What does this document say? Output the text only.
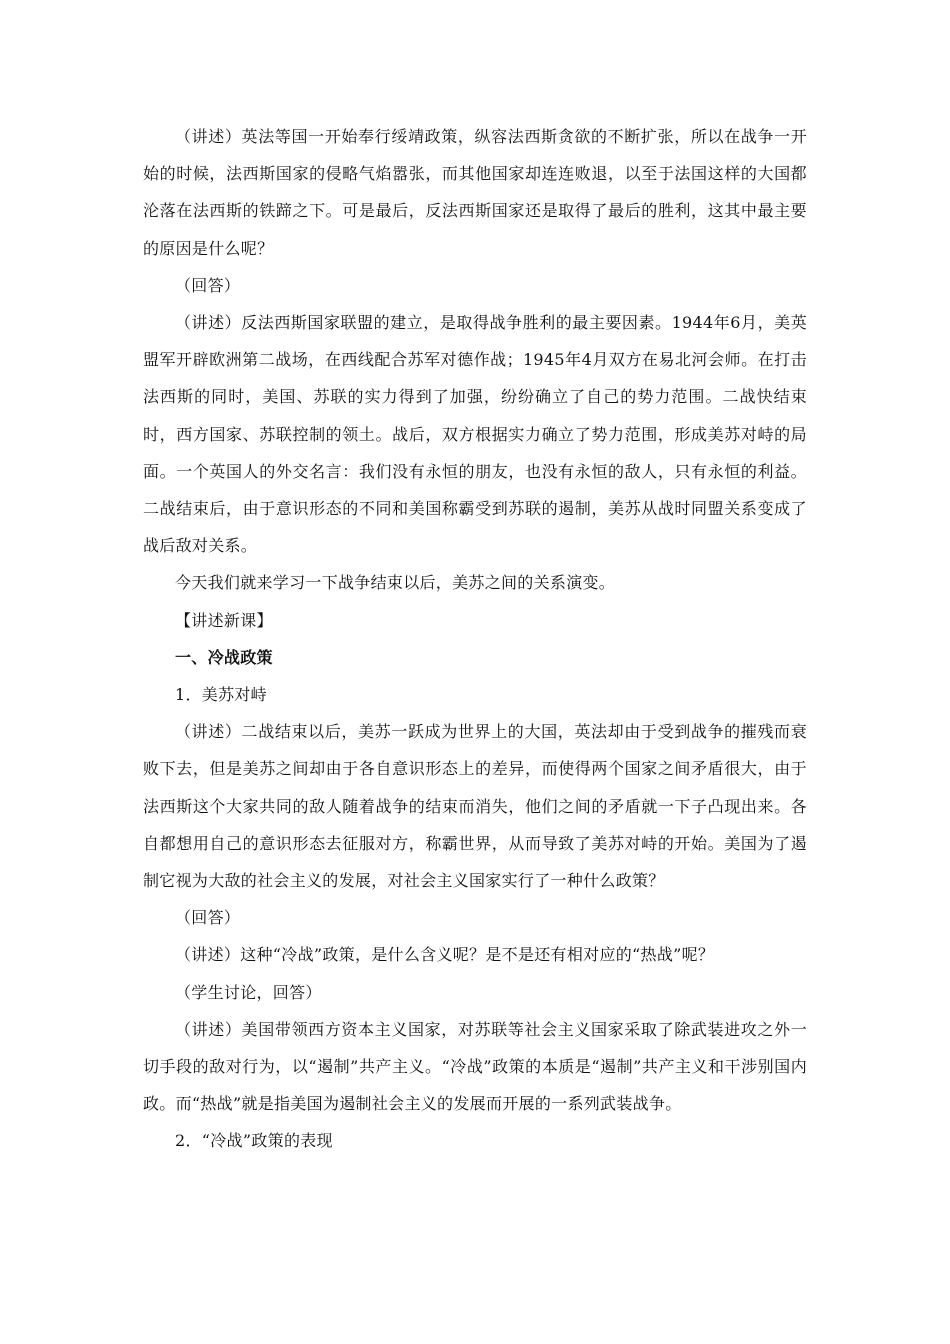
（讲述）英法等国一开始奉行绥靖政策，纵容法西斯贪欲的不断扩张，所以在战争一开始的时候，法西斯国家的侵略气焰嚣张，而其他国家却连连败退，以至于法国这样的大国都沦落在法西斯的铁蹄之下。可是最后，反法西斯国家还是取得了最后的胜利，这其中最主要的原因是什么呢？

（回答）

（讲述）反法西斯国家联盟的建立，是取得战争胜利的最主要因素。1944年6月，美英盟军开辟欧洲第二战场，在西线配合苏军对德作战；1945年4月双方在易北河会师。在打击法西斯的同时，美国、苏联的实力得到了加强，纷纷确立了自己的势力范围。二战快结束时，西方国家、苏联控制的领土。战后，双方根据实力确立了势力范围，形成美苏对峙的局面。一个英国人的外交名言：我们没有永恒的朋友，也没有永恒的敌人，只有永恒的利益。二战结束后，由于意识形态的不同和美国称霸受到苏联的遏制，美苏从战时同盟关系变成了战后敌对关系。

今天我们就来学习一下战争结束以后，美苏之间的关系演变。

【讲述新课】

一、冷战政策

1．美苏对峙

（讲述）二战结束以后，美苏一跃成为世界上的大国，英法却由于受到战争的摧残而衰败下去，但是美苏之间却由于各自意识形态上的差异，而使得两个国家之间矛盾很大，由于法西斯这个大家共同的敌人随着战争的结束而消失，他们之间的矛盾就一下子凸现出来。各自都想用自己的意识形态去征服对方，称霸世界，从而导致了美苏对峙的开始。美国为了遏制它视为大敌的社会主义的发展，对社会主义国家实行了一种什么政策？

（回答）

（讲述）这种“冷战”政策，是什么含义呢？是不是还有相对应的“热战”呢？

（学生讨论，回答）

（讲述）美国带领西方资本主义国家，对苏联等社会主义国家采取了除武装进攻之外一切手段的敌对行为，以“遏制”共产主义。“冷战”政策的本质是“遏制”共产主义和干涉别国内政。而“热战”就是指美国为遏制社会主义的发展而开展的一系列武装战争。

2．“冷战”政策的表现
